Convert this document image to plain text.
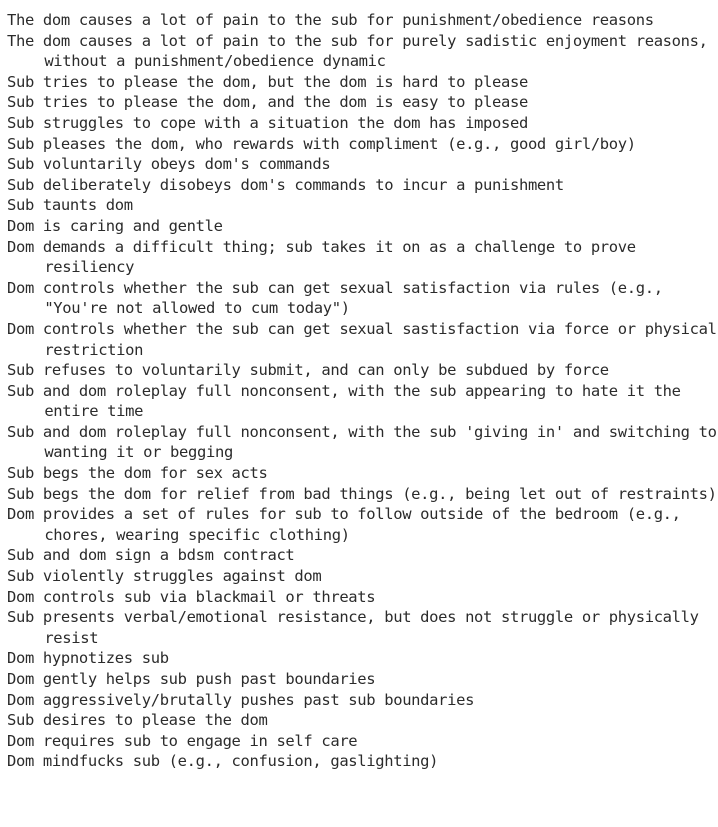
The dom causes a lot of pain to the sub for punishment/obedience reasons

The dom causes a lot of pain to the sub for purely sadistic enjoyment reasons, without a punishment/obedience dynamic

Sub tries to please the dom, but the dom is hard to please

Sub tries to please the dom, and the dom is easy to please

Sub struggles to cope with a situation the dom has imposed

Sub pleases the dom, who rewards with compliment (e.g., good girl/boy)

Sub voluntarily obeys dom's commands

Sub deliberately disobeys dom's commands to incur a punishment

Sub taunts dom

Dom is caring and gentle

Dom demands a difficult thing; sub takes it on as a challenge to prove resiliency

Dom controls whether the sub can get sexual satisfaction via rules (e.g., "You're not allowed to cum today")

Dom controls whether the sub can get sexual sastisfaction via force or physical restriction

Sub refuses to voluntarily submit, and can only be subdued by force

Sub and dom roleplay full nonconsent, with the sub appearing to hate it the entire time

Sub and dom roleplay full nonconsent, with the sub 'giving in' and switching to wanting it or begging

Sub begs the dom for sex acts

Sub begs the dom for relief from bad things (e.g., being let out of restraints)

Dom provides a set of rules for sub to follow outside of the bedroom (e.g., chores, wearing specific clothing)

Sub and dom sign a bdsm contract

Sub violently struggles against dom

Dom controls sub via blackmail or threats

Sub presents verbal/emotional resistance, but does not struggle or physically resist

Dom hypnotizes sub

Dom gently helps sub push past boundaries

Dom aggressively/brutally pushes past sub boundaries

Sub desires to please the dom

Dom requires sub to engage in self care

Dom mindfucks sub (e.g., confusion, gaslighting)
